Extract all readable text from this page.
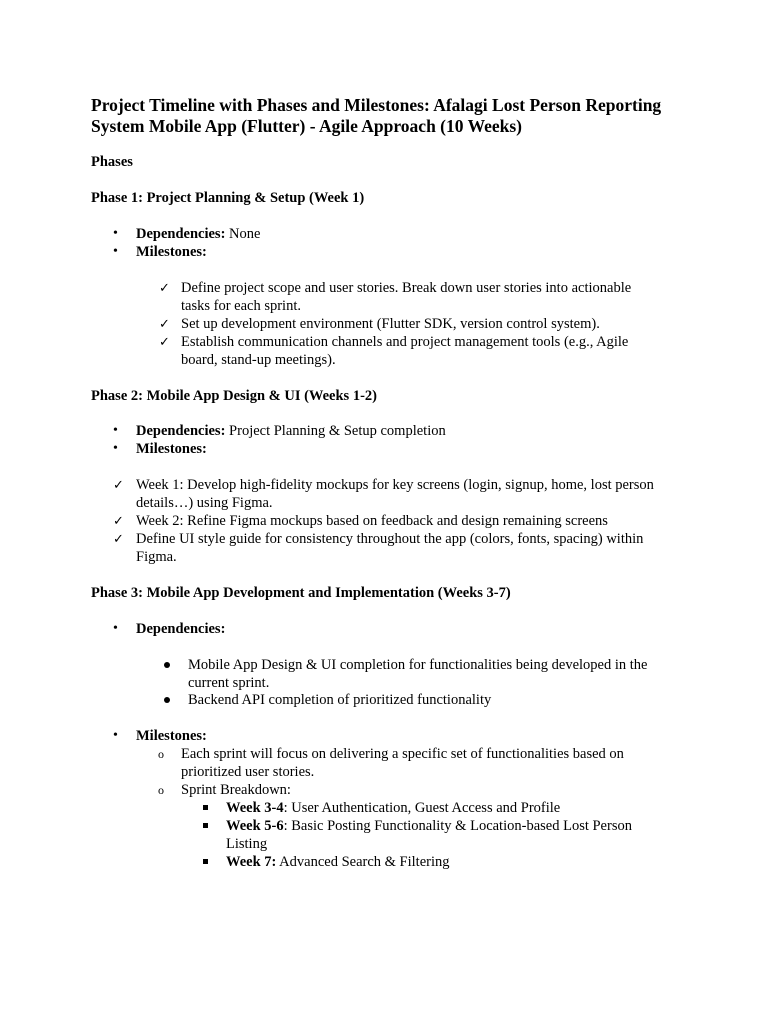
Project Timeline with Phases and Milestones: Afalagi Lost Person Reporting
System Mobile App (Flutter) - Agile Approach (10 Weeks)
Phases
Phase 1: Project Planning & Setup (Week 1)
• Dependencies: None
• Milestones:
✓ Define project scope and user stories. Break down user stories into actionable
tasks for each sprint.
✓ Set up development environment (Flutter SDK, version control system).
✓ Establish communication channels and project management tools (e.g., Agile
board, stand-up meetings).
Phase 2: Mobile App Design & UI (Weeks 1-2)
• Dependencies: Project Planning & Setup completion
• Milestones:
✓ Week 1: Develop high-fidelity mockups for key screens (login, signup, home, lost person
details…) using Figma.
✓ Week 2: Refine Figma mockups based on feedback and design remaining screens
✓ Define UI style guide for consistency throughout the app (colors, fonts, spacing) within
Figma.
Phase 3: Mobile App Development and Implementation (Weeks 3-7)
• Dependencies:
Mobile App Design & UI completion for functionalities being developed in the
current sprint.
Backend API completion of prioritized functionality
• Milestones:
o Each sprint will focus on delivering a specific set of functionalities based on
prioritized user stories.
o Sprint Breakdown:
Week 3-4: User Authentication, Guest Access and Profile
Week 5-6: Basic Posting Functionality & Location-based Lost Person
Listing
Week 7: Advanced Search & Filtering
